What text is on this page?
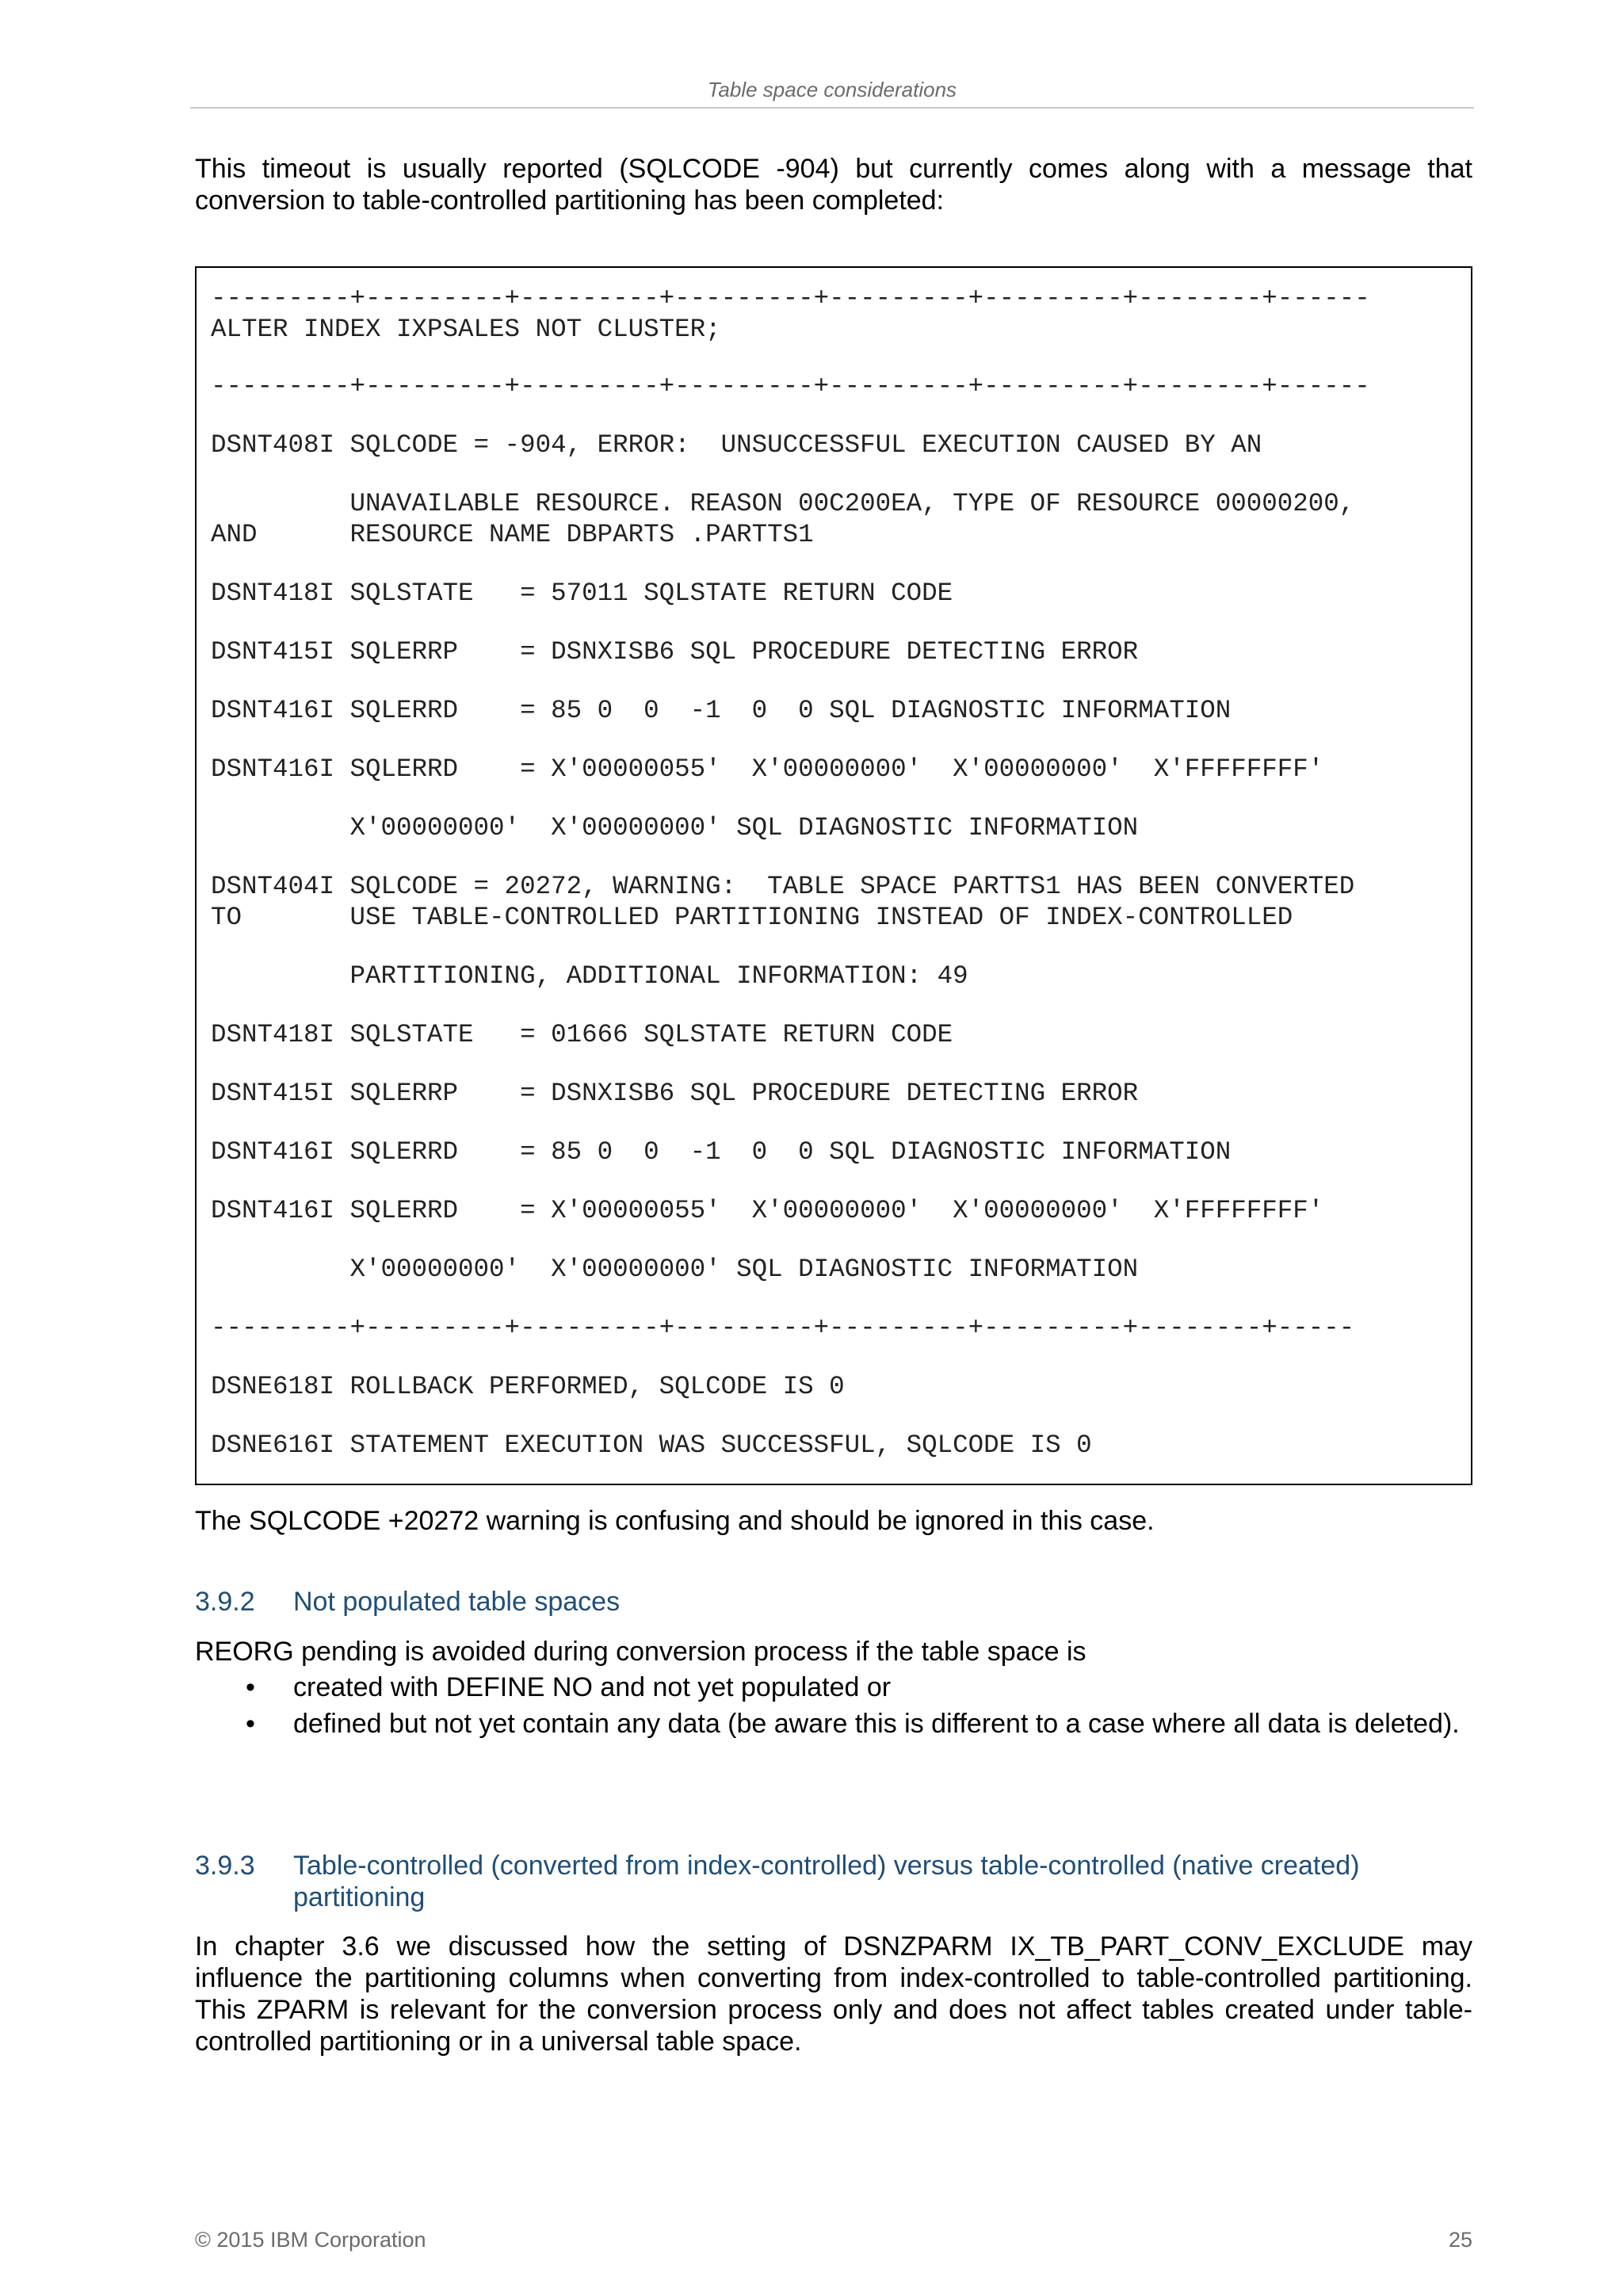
Table space considerations
This timeout is usually reported (SQLCODE -904) but currently comes along with a message that conversion to table-controlled partitioning has been completed:
---------+---------+---------+---------+---------+---------+--------+------
ALTER INDEX IXPSALES NOT CLUSTER;
---------+---------+---------+---------+---------+---------+--------+------
DSNT408I SQLCODE = -904, ERROR:  UNSUCCESSFUL EXECUTION CAUSED BY AN
UNAVAILABLE RESOURCE. REASON 00C200EA, TYPE OF RESOURCE 00000200,
AND      RESOURCE NAME DBPARTS .PARTTS1
DSNT418I SQLSTATE   = 57011 SQLSTATE RETURN CODE
DSNT415I SQLERRP    = DSNXISB6 SQL PROCEDURE DETECTING ERROR
DSNT416I SQLERRD    = 85 0  0  -1  0  0 SQL DIAGNOSTIC INFORMATION
DSNT416I SQLERRD    = X'00000055'  X'00000000'  X'00000000'  X'FFFFFFFF'
X'00000000'  X'00000000' SQL DIAGNOSTIC INFORMATION
DSNT404I SQLCODE = 20272, WARNING:  TABLE SPACE PARTTS1 HAS BEEN CONVERTED
TO       USE TABLE-CONTROLLED PARTITIONING INSTEAD OF INDEX-CONTROLLED
PARTITIONING, ADDITIONAL INFORMATION: 49
DSNT418I SQLSTATE   = 01666 SQLSTATE RETURN CODE
DSNT415I SQLERRP    = DSNXISB6 SQL PROCEDURE DETECTING ERROR
DSNT416I SQLERRD    = 85 0  0  -1  0  0 SQL DIAGNOSTIC INFORMATION
DSNT416I SQLERRD    = X'00000055'  X'00000000'  X'00000000'  X'FFFFFFFF'
X'00000000'  X'00000000' SQL DIAGNOSTIC INFORMATION
---------+---------+---------+---------+---------+---------+--------+-----
DSNE618I ROLLBACK PERFORMED, SQLCODE IS 0
DSNE616I STATEMENT EXECUTION WAS SUCCESSFUL, SQLCODE IS 0
The SQLCODE +20272 warning is confusing and should be ignored in this case.
3.9.2 Not populated table spaces
REORG pending is avoided during conversion process if the table space is
• created with DEFINE NO and not yet populated or
• defined but not yet contain any data (be aware this is different to a case where all data is deleted).
3.9.3 Table-controlled (converted from index-controlled) versus table-controlled (native created) partitioning
In chapter 3.6 we discussed how the setting of DSNZPARM IX_TB_PART_CONV_EXCLUDE may influence the partitioning columns when converting from index-controlled to table-controlled partitioning. This ZPARM is relevant for the conversion process only and does not affect tables created under table-controlled partitioning or in a universal table space.
© 2015 IBM Corporation	25
